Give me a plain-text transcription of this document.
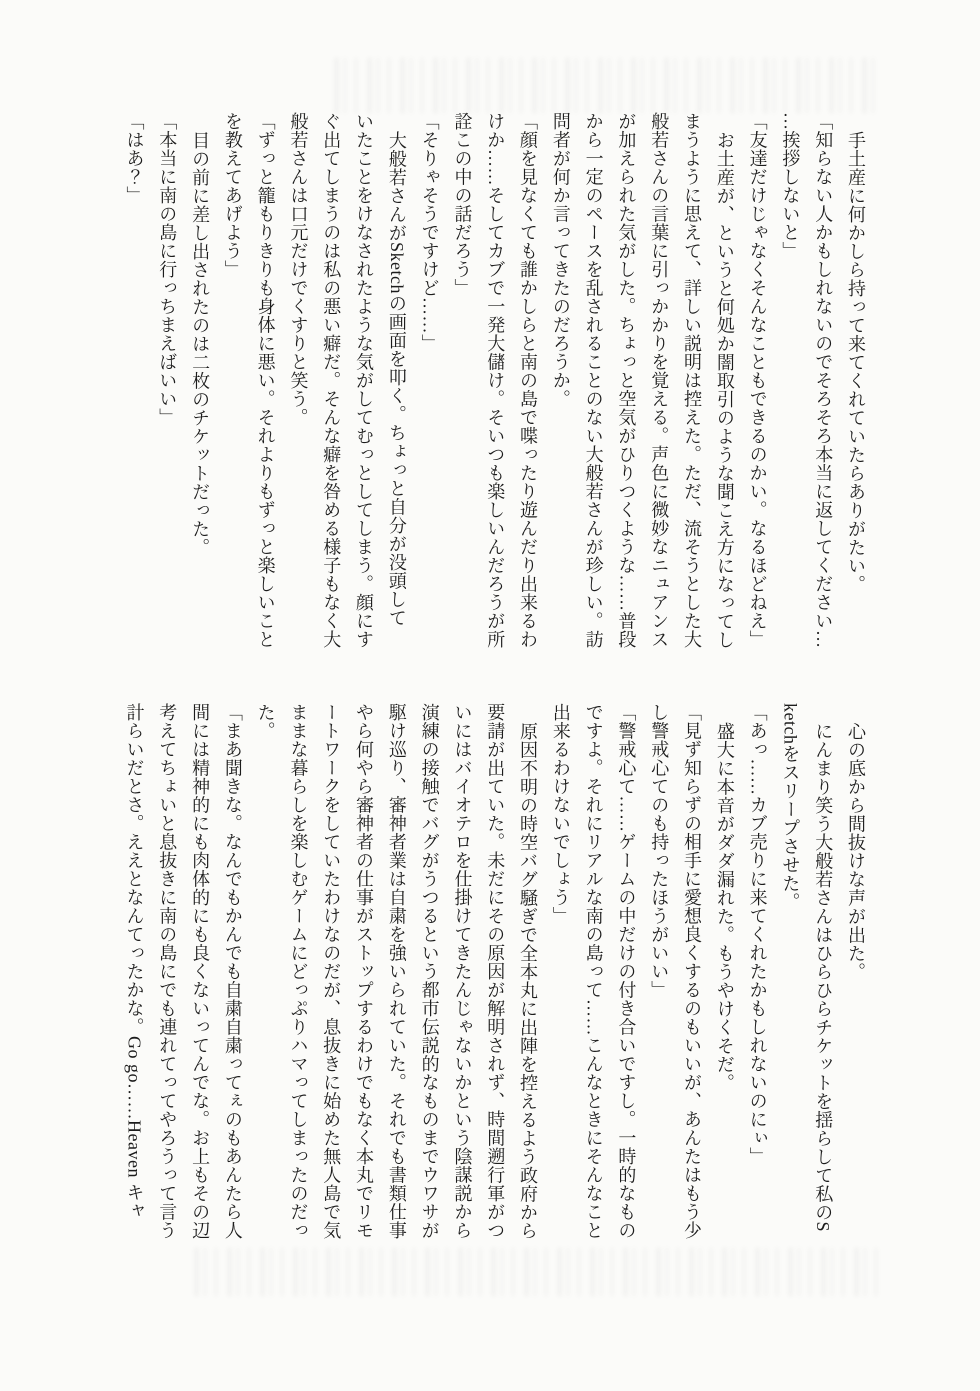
手土産に何かしら持って来てくれていたらありがたい。

「知らない人かもしれないのでそろそろ本当に返してください…

…挨拶しないと」

「友達だけじゃなくそんなこともできるのかい。なるほどねえ」

お土産が、というと何処か闇取引のような聞こえ方になってし

まうように思えて、詳しい説明は控えた。ただ、流そうとした大

般若さんの言葉に引っかかりを覚える。声色に微妙なニュアンス

が加えられた気がした。ちょっと空気がひりつくような……普段

から一定のペースを乱されることのない大般若さんが珍しい。訪

問者が何か言ってきたのだろうか。

「顔を見なくても誰かしらと南の島で喋ったり遊んだり出来るわ

けか……そしてカブで一発大儲け。そいつも楽しいんだろうが所

詮この中の話だろう」

「そりゃそうですけど……」

大般若さんがSketchの画面を叩く。ちょっと自分が没頭して

いたことをけなされたような気がしてむっとしてしまう。顔にす

ぐ出てしまうのは私の悪い癖だ。そんな癖を咎める様子もなく大

般若さんは口元だけでくすりと笑う。

「ずっと籠もりきりも身体に悪い。それよりもずっと楽しいこと

を教えてあげよう」

目の前に差し出されたのは二枚のチケットだった。

「本当に南の島に行っちまえばいい」

「はあ？」

心の底から間抜けな声が出た。

にんまり笑う大般若さんはひらひらチケットを揺らして私のS

ketchをスリープさせた。

「あっ……カブ売りに来てくれたかもしれないのにぃ」

盛大に本音がダダ漏れた。もうやけくそだ。

「見ず知らずの相手に愛想良くするのもいいが、あんたはもう少

し警戒心てのも持ったほうがいい」

「警戒心て……ゲームの中だけの付き合いですし。一時的なもの

ですよ。それにリアルな南の島って……こんなときにそんなこと

出来るわけないでしょう」

原因不明の時空バグ騒ぎで全本丸に出陣を控えるよう政府から

要請が出ていた。未だにその原因が解明されず、時間遡行軍がつ

いにはバイオテロを仕掛けてきたんじゃないかという陰謀説から

演練の接触でバグがうつるという都市伝説的なものまでウワサが

駆け巡り、審神者業は自粛を強いられていた。それでも書類仕事

やら何やら審神者の仕事がストップするわけでもなく本丸でリモ

ートワークをしていたわけなのだが、息抜きに始めた無人島で気

ままな暮らしを楽しむゲームにどっぷりハマってしまったのだっ

た。

「まあ聞きな。なんでもかんでも自粛自粛ってぇのもあんたら人

間には精神的にも肉体的にも良くないってんでな。お上もその辺

考えてちょいと息抜きに南の島にでも連れてってやろうって言う

計らいだとさ。ええとなんてったかな。Go go……Heaven キャ
